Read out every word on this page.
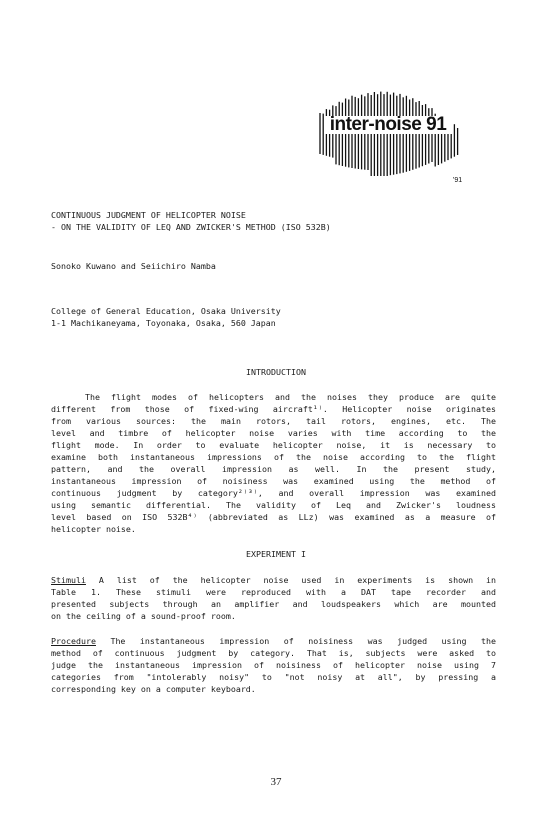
inter-noise 91
'91
CONTINUOUS JUDGMENT OF HELICOPTER NOISE
- ON THE VALIDITY OF LEQ AND ZWICKER'S METHOD (ISO 532B)
Sonoko Kuwano and Seiichiro Namba
College of General Education, Osaka University
1-1 Machikaneyama, Toyonaka, Osaka, 560 Japan
INTRODUCTION
The flight modes of helicopters and the noises they produce are quite
different from those of fixed-wing aircraft¹⁾. Helicopter noise originates
from various sources: the main rotors, tail rotors, engines, etc. The
level and timbre of helicopter noise varies with time according to the
flight mode. In order to evaluate helicopter noise, it is necessary to
examine both instantaneous impressions of the noise according to the flight
pattern, and the overall impression as well. In the present study,
instantaneous impression of noisiness was examined using the method of
continuous judgment by category²⁾³⁾, and overall impression was examined
using semantic differential. The validity of Leq and Zwicker's loudness
level based on ISO 532B⁴⁾ (abbreviated as LLz) was examined as a measure of
helicopter noise.
EXPERIMENT I
Stimuli A list of the helicopter noise used in experiments is shown in
Table 1. These stimuli were reproduced with a DAT tape recorder and
presented subjects through an amplifier and loudspeakers which are mounted
on the ceiling of a sound-proof room.
Procedure The instantaneous impression of noisiness was judged using the
method of continuous judgment by category. That is, subjects were asked to
judge the instantaneous impression of noisiness of helicopter noise using 7
categories from "intolerably noisy" to "not noisy at all", by pressing a
corresponding key on a computer keyboard.
37
